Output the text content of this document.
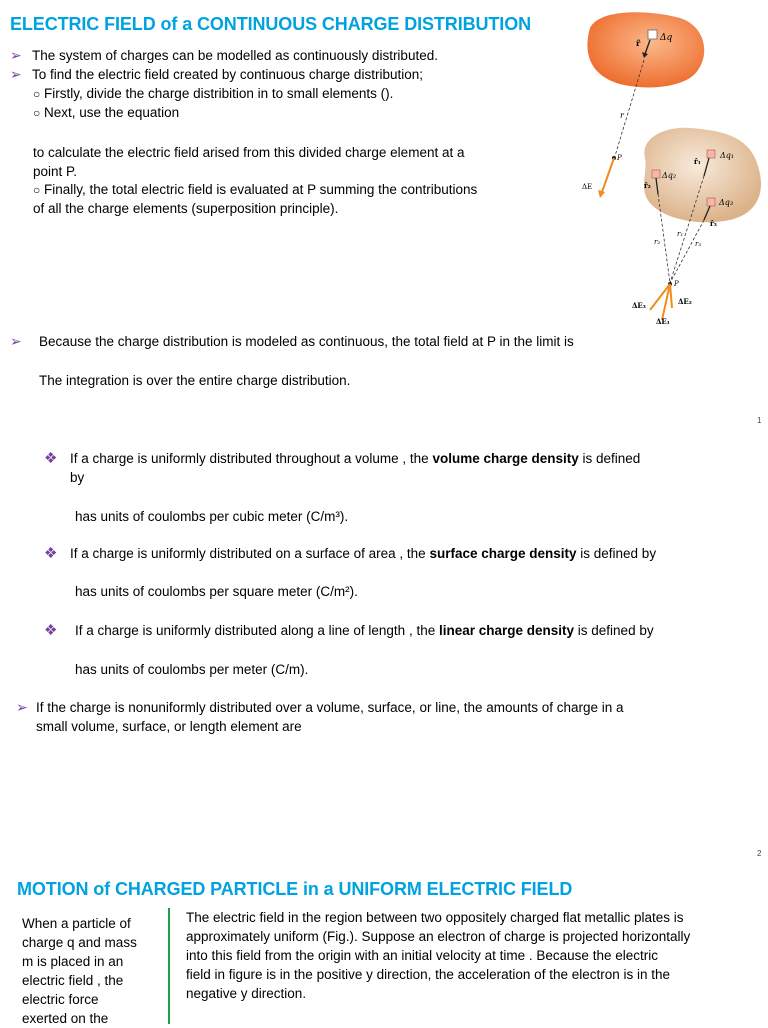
ELECTRIC FIELD of a CONTINUOUS CHARGE DISTRIBUTION
➢ The system of charges can be modelled as continuously distributed.
➢ To find the electric field created by continuous charge distribution;
○ Firstly, divide the charge distribition in to small elements ().
○ Next, use the equation
to calculate the electric field arised from this divided charge element at a
point P.
○ Finally, the total electric field is evaluated at P summing the contributions
of all the charge elements (superposition principle).
Δq
r̂
r
P
ΔE
Δq₁
Δq₂
Δq₃
r̂₁
r̂₂
r̂₃
r₂
r₁
r₃
P
ΔE₃	ΔE₂
ΔE₁
➢ Because the charge distribution is modeled as continuous, the total field at P in the limit is
The integration is over the entire charge distribution.
1
❖ If a charge is uniformly distributed throughout a volume , the volume charge density is defined
by
has units of coulombs per cubic meter (C/m³).
❖ If a charge is uniformly distributed on a surface of area , the surface charge density is defined by
has units of coulombs per square meter (C/m²).
❖ If a charge is uniformly distributed along a line of length , the linear charge density is defined by
has units of coulombs per meter (C/m).
➢ If the charge is nonuniformly distributed over a volume, surface, or line, the amounts of charge in a
small volume, surface, or length element are
2
MOTION of CHARGED PARTICLE in a UNIFORM ELECTRIC FIELD
When a particle of
charge q and mass
m is placed in an
electric field , the
electric force
exerted on the
The electric field in the region between two oppositely charged flat metallic plates is
approximately uniform (Fig.). Suppose an electron of charge is projected horizontally
into this field from the origin with an initial velocity at time . Because the electric
field in figure is in the positive y direction, the acceleration of the electron is in the
negative y direction.
